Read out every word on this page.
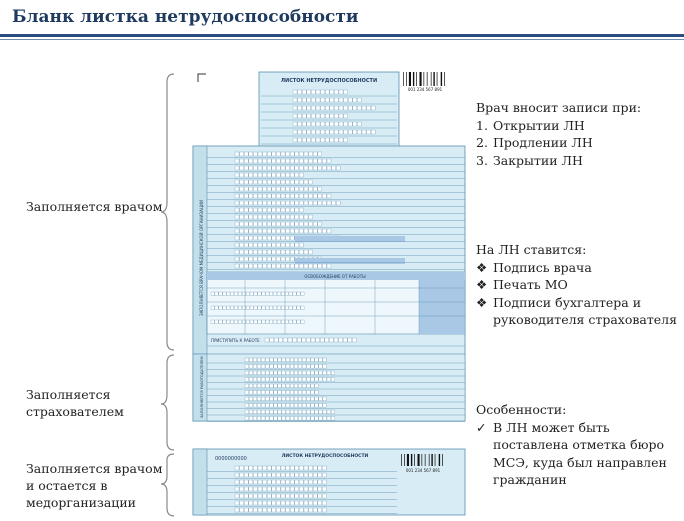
Бланк листка нетрудоспособности
Заполняется врачом
Заполняется страхователем
Заполняется врачом и остается в медорганизации
Врач вносит записи при:
1. Открытии ЛН
2. Продлении ЛН
3. Закрытии ЛН
На ЛН ставится:
❖ Подпись врача
❖ Печать МО
❖ Подписи бухгалтера и руководителя страхователя
Особенности:
✓ В ЛН может быть поставлена отметка бюро МСЭ, куда был направлен гражданин
ЛИСТОК НЕТРУДОСПОСОБНОСТИ
001 234 567 891
ЗАПОЛНЯЕТСЯ ВРАЧОМ МЕДИЦИНСКОЙ ОРГАНИЗАЦИИ	ОСВОБОЖДЕНИЕ ОТ РАБОТЫ
ПРИСТУПИТЬ К РАБОТЕ
ЗАПОЛНЯЕТСЯ РАБОТОДАТЕЛЕМ
ЛИСТОК НЕТРУДОСПОСОБНОСТИ
0000000000
001 234 567 891
